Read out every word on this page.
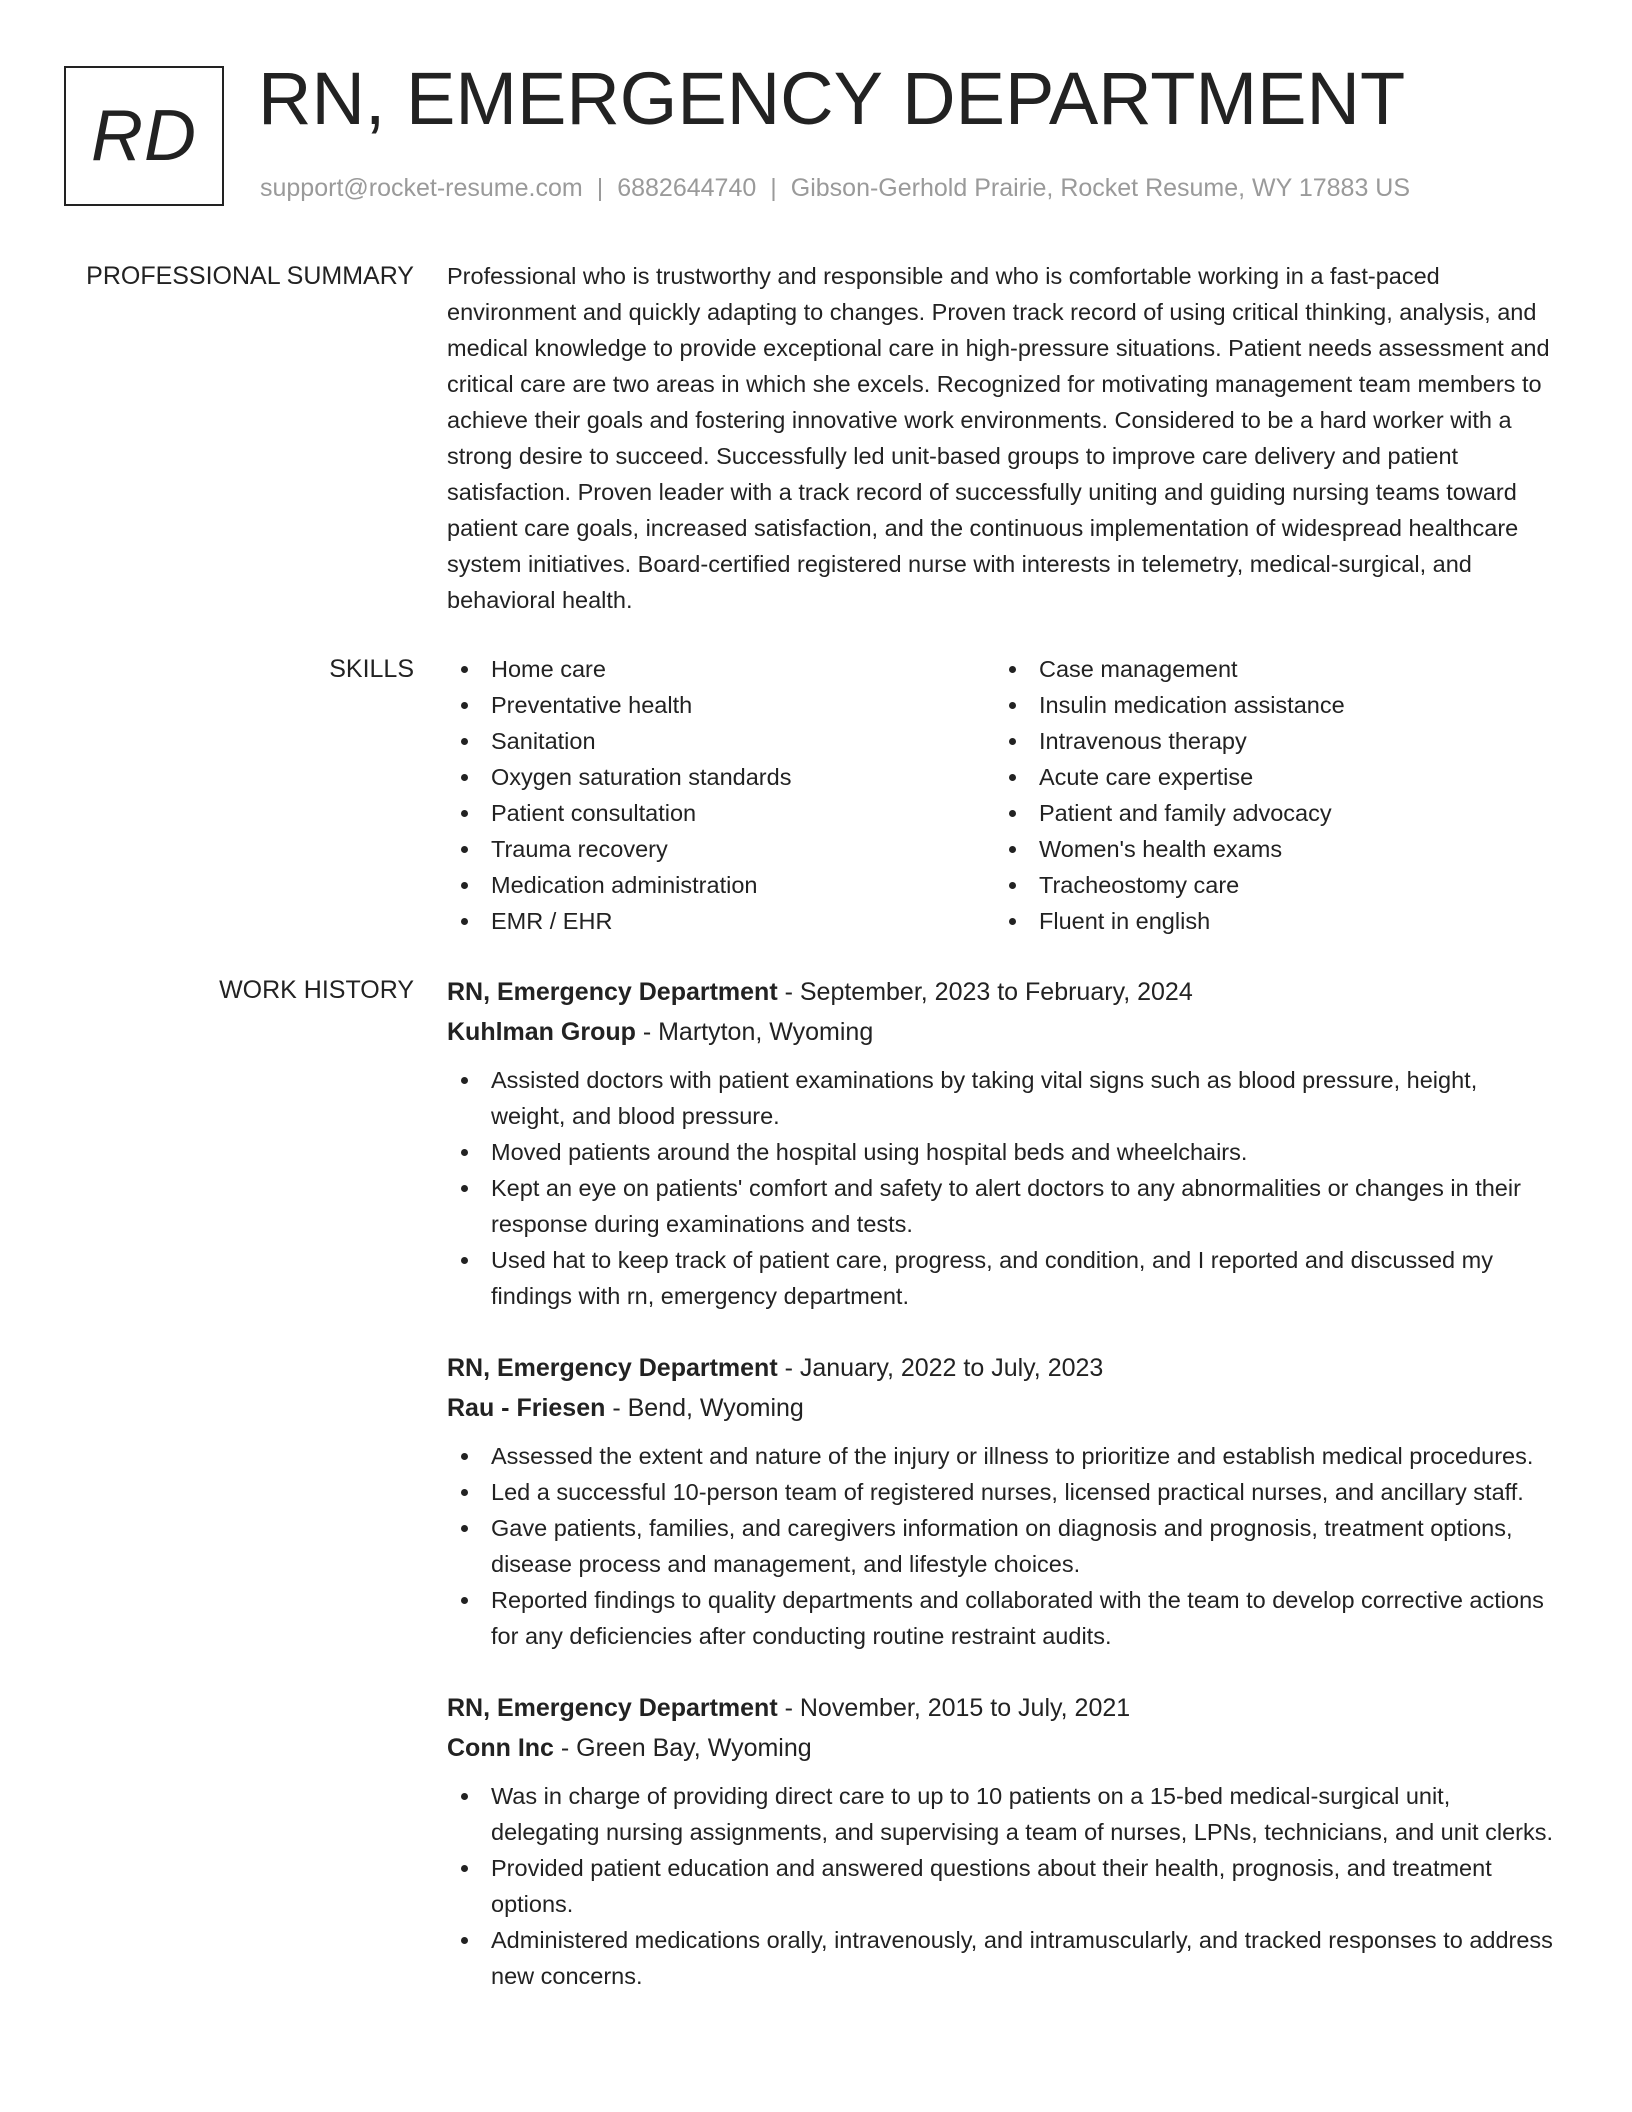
RD RN, EMERGENCY DEPARTMENT
support@rocket-resume.com | 6882644740 | Gibson-Gerhold Prairie, Rocket Resume, WY 17883 US
PROFESSIONAL SUMMARY Professional who is trustworthy and responsible and who is comfortable working in a fast-paced environment and quickly adapting to changes. Proven track record of using critical thinking, analysis, and medical knowledge to provide exceptional care in high-pressure situations. Patient needs assessment and critical care are two areas in which she excels. Recognized for motivating management team members to achieve their goals and fostering innovative work environments. Considered to be a hard worker with a strong desire to succeed. Successfully led unit-based groups to improve care delivery and patient satisfaction. Proven leader with a track record of successfully uniting and guiding nursing teams toward patient care goals, increased satisfaction, and the continuous implementation of widespread healthcare system initiatives. Board-certified registered nurse with interests in telemetry, medical-surgical, and behavioral health.

SKILLS	Home care
Preventative health
Sanitation
Oxygen saturation standards
Patient consultation
Trauma recovery
Medication administration
EMR / EHR
Case management
Insulin medication assistance
Intravenous therapy
Acute care expertise
Patient and family advocacy
Women's health exams
Tracheostomy care
Fluent in english
WORK HISTORY RN, Emergency Department - September, 2023 to February, 2024
Kuhlman Group - Martyton, Wyoming
Assisted doctors with patient examinations by taking vital signs such as blood pressure, height, weight, and blood pressure.
Moved patients around the hospital using hospital beds and wheelchairs.
Kept an eye on patients' comfort and safety to alert doctors to any abnormalities or changes in their response during examinations and tests.
Used hat to keep track of patient care, progress, and condition, and I reported and discussed my findings with rn, emergency department.
RN, Emergency Department - January, 2022 to July, 2023
Rau - Friesen - Bend, Wyoming
Assessed the extent and nature of the injury or illness to prioritize and establish medical procedures.
Led a successful 10-person team of registered nurses, licensed practical nurses, and ancillary staff.
Gave patients, families, and caregivers information on diagnosis and prognosis, treatment options, disease process and management, and lifestyle choices.
Reported findings to quality departments and collaborated with the team to develop corrective actions for any deficiencies after conducting routine restraint audits.
RN, Emergency Department - November, 2015 to July, 2021
Conn Inc - Green Bay, Wyoming
Was in charge of providing direct care to up to 10 patients on a 15-bed medical-surgical unit, delegating nursing assignments, and supervising a team of nurses, LPNs, technicians, and unit clerks.
Provided patient education and answered questions about their health, prognosis, and treatment options.
Administered medications orally, intravenously, and intramuscularly, and tracked responses to address new concerns.
